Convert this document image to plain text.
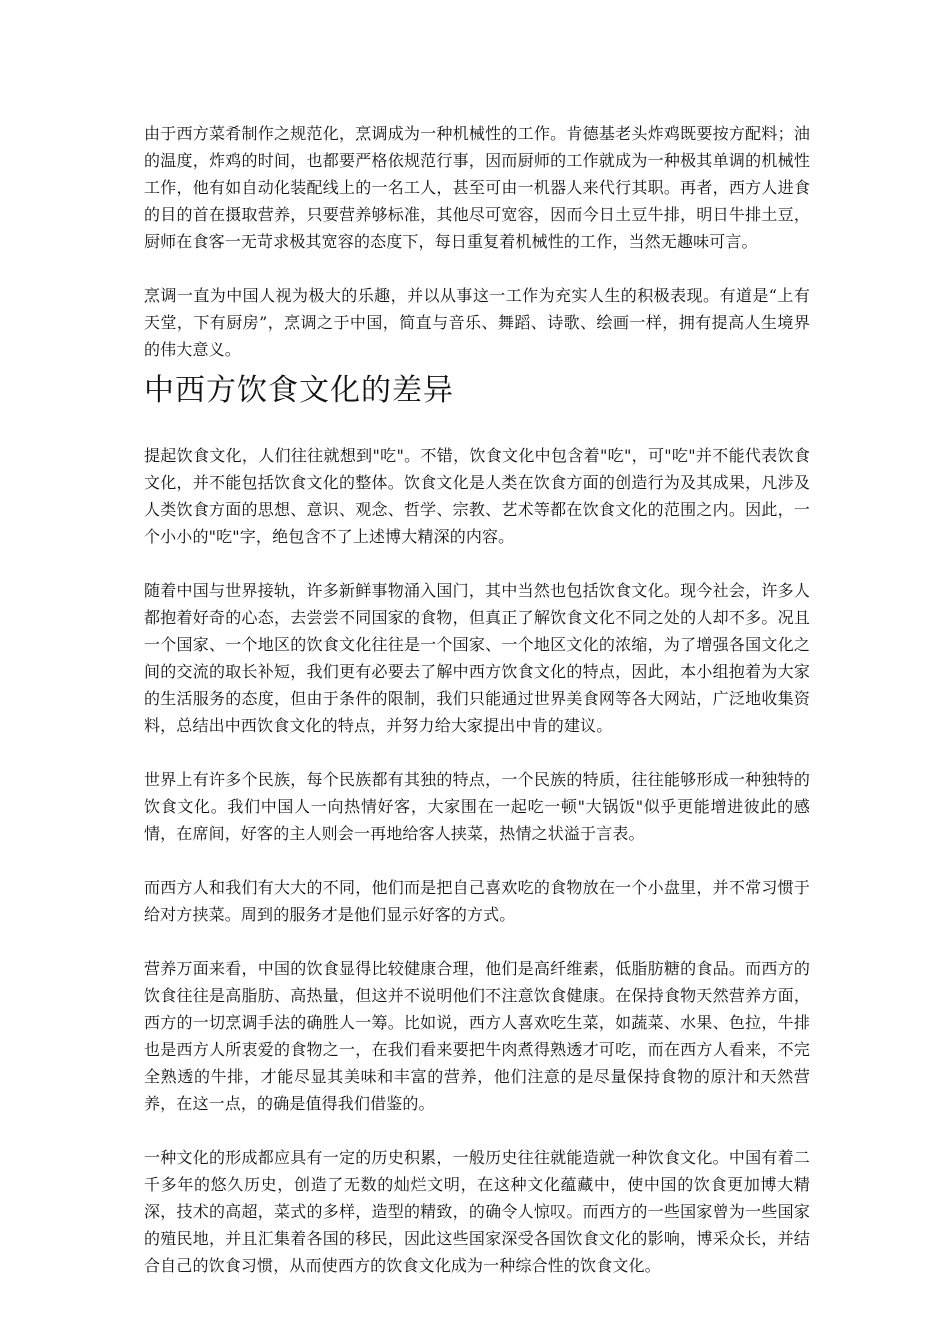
由于西方菜肴制作之规范化，烹调成为一种机械性的工作。肯德基老头炸鸡既要按方配料；油的温度，炸鸡的时间，也都要严格依规范行事，因而厨师的工作就成为一种极其单调的机械性工作，他有如自动化装配线上的一名工人，甚至可由一机器人来代行其职。再者，西方人进食的目的首在摄取营养，只要营养够标准，其他尽可宽容，因而今日土豆牛排，明日牛排土豆，厨师在食客一无苛求极其宽容的态度下，每日重复着机械性的工作，当然无趣味可言。

烹调一直为中国人视为极大的乐趣，并以从事这一工作为充实人生的积极表现。有道是“上有天堂，下有厨房”，烹调之于中国，简直与音乐、舞蹈、诗歌、绘画一样，拥有提高人生境界的伟大意义。

中西方饮食文化的差异

提起饮食文化，人们往往就想到"吃"。不错，饮食文化中包含着"吃"，可"吃"并不能代表饮食文化，并不能包括饮食文化的整体。饮食文化是人类在饮食方面的创造行为及其成果，凡涉及人类饮食方面的思想、意识、观念、哲学、宗教、艺术等都在饮食文化的范围之内。因此，一个小小的"吃"字，绝包含不了上述博大精深的内容。

随着中国与世界接轨，许多新鲜事物涌入国门，其中当然也包括饮食文化。现今社会，许多人都抱着好奇的心态，去尝尝不同国家的食物，但真正了解饮食文化不同之处的人却不多。况且一个国家、一个地区的饮食文化往往是一个国家、一个地区文化的浓缩，为了增强各国文化之间的交流的取长补短，我们更有必要去了解中西方饮食文化的特点，因此，本小组抱着为大家的生活服务的态度，但由于条件的限制，我们只能通过世界美食网等各大网站，广泛地收集资料，总结出中西饮食文化的特点，并努力给大家提出中肯的建议。

世界上有许多个民族，每个民族都有其独的特点，一个民族的特质，往往能够形成一种独特的饮食文化。我们中国人一向热情好客，大家围在一起吃一顿"大锅饭"似乎更能增进彼此的感情，在席间，好客的主人则会一再地给客人挟菜，热情之状溢于言表。

而西方人和我们有大大的不同，他们而是把自己喜欢吃的食物放在一个小盘里，并不常习惯于给对方挟菜。周到的服务才是他们显示好客的方式。

营养万面来看，中国的饮食显得比较健康合理，他们是高纤维素，低脂肪糖的食品。而西方的饮食往往是高脂肪、高热量，但这并不说明他们不注意饮食健康。在保持食物天然营养方面，西方的一切烹调手法的确胜人一筹。比如说，西方人喜欢吃生菜，如蔬菜、水果、色拉，牛排也是西方人所衷爱的食物之一，在我们看来要把牛肉煮得熟透才可吃，而在西方人看来，不完全熟透的牛排，才能尽显其美味和丰富的营养，他们注意的是尽量保持食物的原汁和天然营养，在这一点，的确是值得我们借鉴的。

一种文化的形成都应具有一定的历史积累，一般历史往往就能造就一种饮食文化。中国有着二千多年的悠久历史，创造了无数的灿烂文明，在这种文化蕴藏中，使中国的饮食更加博大精深，技术的高超，菜式的多样，造型的精致，的确令人惊叹。而西方的一些国家曾为一些国家的殖民地，并且汇集着各国的移民，因此这些国家深受各国饮食文化的影响，博采众长，并结合自己的饮食习惯，从而使西方的饮食文化成为一种综合性的饮食文化。
